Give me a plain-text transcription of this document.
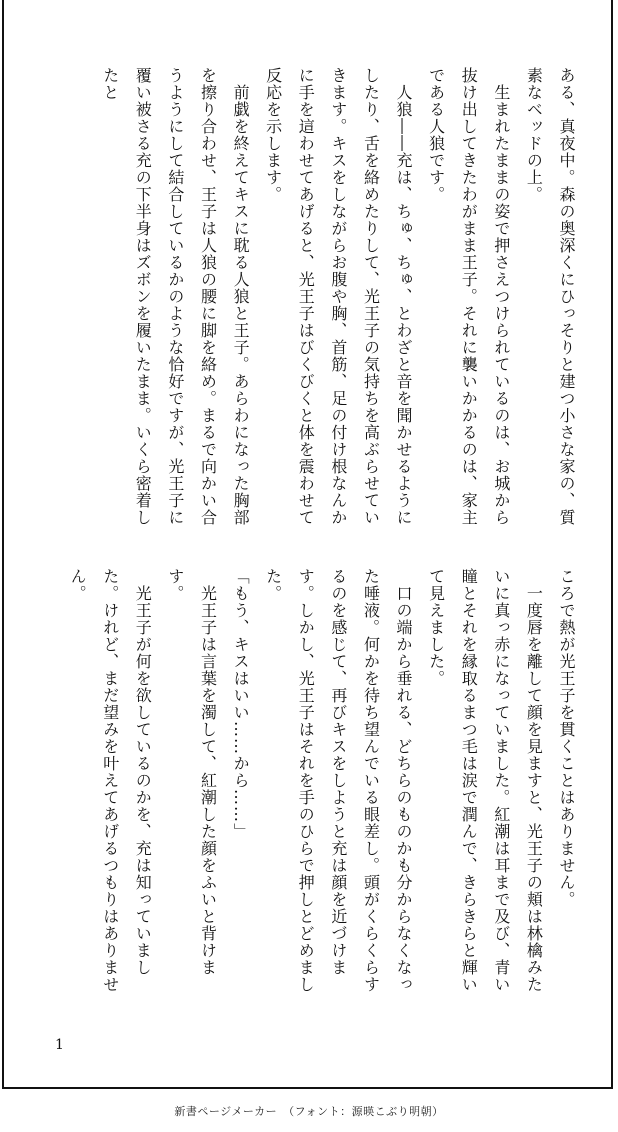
ある、真夜中。森の奥深くにひっそりと建つ小さな家の、質素なベッドの上。

　生まれたままの姿で押さえつけられているのは、お城から抜け出してきたわがまま王子。それに襲いかかるのは、家主である人狼です。

　人狼――充は、ちゅ、ちゅ、とわざと音を聞かせるようにしたり、舌を絡めたりして、光王子の気持ちを高ぶらせていきます。キスをしながらお腹や胸、首筋、足の付け根なんかに手を這わせてあげると、光王子はびくびくと体を震わせて反応を示します。

　前戯を終えてキスに耽る人狼と王子。あらわになった胸部を擦り合わせ、王子は人狼の腰に脚を絡め。まるで向かい合うようにして結合しているかのような恰好ですが、光王子に覆い被さる充の下半身はズボンを履いたまま。いくら密着したと

ころで熱が光王子を貫くことはありません。

　一度唇を離して顔を見ますと、光王子の頬は林檎みたいに真っ赤になっていました。紅潮は耳まで及び、青い瞳とそれを縁取るまつ毛は涙で潤んで、きらきらと輝いて見えました。

　口の端から垂れる、どちらのものかも分からなくなった唾液。何かを待ち望んでいる眼差し。頭がくらくらするのを感じて、再びキスをしようと充は顔を近づけます。しかし、光王子はそれを手のひらで押しとどめました。

「もう、キスはいい……から……」

　光王子は言葉を濁して、紅潮した顔をふいと背けます。

　光王子が何を欲しているのかを、充は知っていました。けれど、まだ望みを叶えてあげるつもりはありません。

1
新書ページメーカー　（フォント：源暎こぶり明朝）
